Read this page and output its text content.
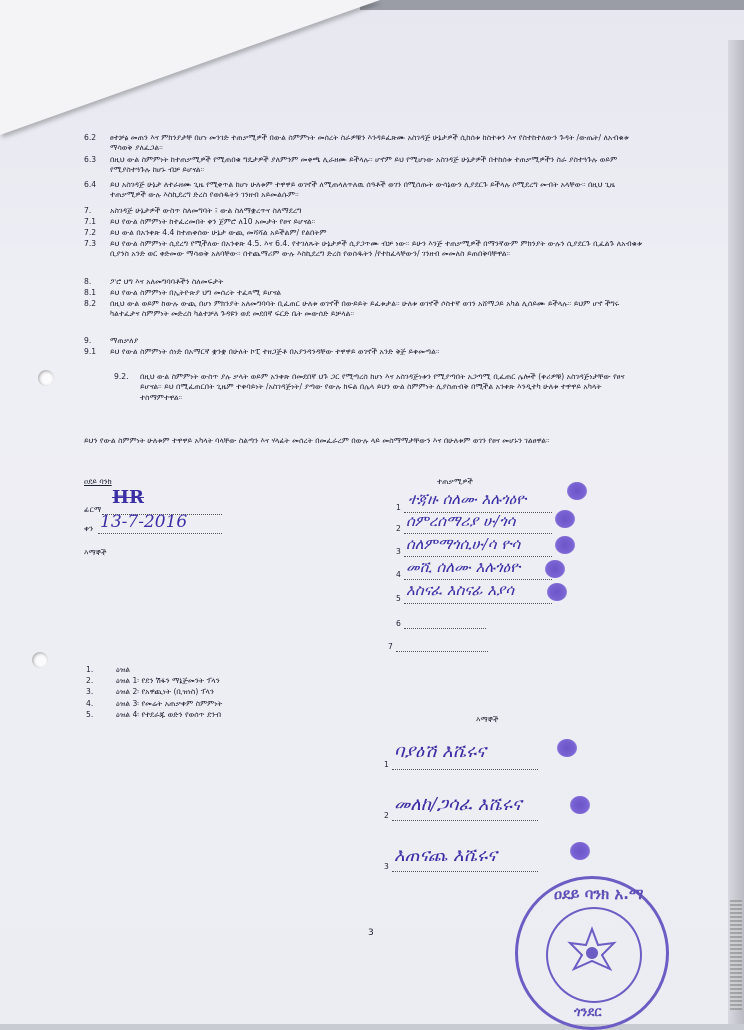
6.2	ፀተቻፅ መጠን እና ምክንያታቸ በሆነ መንገድ ተጠቃሚዎች በውል ስምምነት መሰረት ስራዎቹን እንዳይፈጽሙ አስገዳጅ ሁኔታዎች ሲከሰቱ ከስተቱን እና የስተከተለውን ጉዳት /ውጤት/ ለአብቁቱ ማሳወቅ ያለፈጋል።
6.3	በዚህ ውል ስምምነት ከተጠቃሚዎች የሚጠበቁ ግዴታዎች ያለምንም መቀጫ ሊራዘሙ ይችላሉ። ሆኖም ይህ የሚሆነው አስገዳጅ ሁኔታዎች በተከሰቱ ተጠቃሚዎችን ስራ ያስተጓጉሉ ወይም የሚያስተጓጉሉ ከሆኑ ብቻ ይሆናል።
6.4	ይህ አስገዳጅ ሁኔታ ለተራዘሙ ጊዜ የሚቀጥል ከሆነ ሁለቱም ተዋዋይ ወገኖች ለሚጠላለጥለዉ ሰዓቶች ወገን በሚሰጡት ውሳኔውን ሊያደርጉ ይችላሉ ሶሚደረግ መብት አላቸው። በዚህ ጊዜ ተጠቃሚዎች ውሉ እስኪደረግ ድረስ የወሰዱትን ገንዘብ አይመልሱም።
7.	አስገዳጅ ሁኔታዎች ውስጥ ስለመግባት ፣ ውል ስለማቋረጥና ስለማደረግ
7.1	ይህ የውል ስምምነት ከተፈረመበት ቀን ጀምሮ ለ10 አመታት የፀና ይሆናል።
7.2	ይህ ውል በአንቀጽ 4.4 ከተጠቀሰው ሁኔታ ውጪ መሻሻል አይችልም/ የልበትም
7.3	ይህ የውል ስምምነት ሲደረግ የሚችለው በአንቀጽ 4.5. እና 6.4. የተገለጹት ሁኔታዎች ሲያጋጥሙ ብቻ ነው። ይሁን እንጅ ተጠቃሚዎች በማንኛውም ምክንያት ውሉን ሲያደርጉ ቢፈልጉ ለአብቁቱ ቢያንስ አንድ ወር ቀድመው ማሳወቅ አለባቸው። በተጨማሪም ውሉ እስኪደረግ ድረስ የወሰዱትን /የተከፈላቸውን/ ገንዘብ መመለስ ይጠበቅባቸዋል።
8.	ፖሮ ህግ እና አለመግባባቶችን ስለመፍታት
8.1	ይህ የውል ስምምነት በኢትዮጵያ ህግ መሰረት ተፈጻሚ ይሆናል
8.2	በዚህ ውል ወይም ከውሉ ውጪ በሆነ ምክንያት አለመግባባት ቢፈጠር ሁለቱ ወገኖች በውይይት ይፈቱታል። ሁለቱ ወገኖች ሶስተኛ ወገን አሸማጋይ አካል ሊሰይሙ ይችላሉ። ይህም ሆኖ ችግሩ ካልተፈታና ስምምነት መድረስ ካልተቻለ ጉዳዩን ወደ መደበኛ ፍርድ ቤት መውሰድ ይቻላል።
9.	ማጠቃለያ
9.1	ይህ የውል ስምምነት ሰነድ በአማርኛ ቋንቋ በሁለት ኮፒ ተዘጋጅቶ በአያንዳንዳቸው ተዋዋይ ወገኖች አንድ ቅጅ ይቀመጣል።
9.2.	በዚህ ውል ስምምነት ውስጥ ያሉ ቃላት ወይም አንቀጽ በመደበኛ ህጉ ጋር የሚጣረስ ከሆነ እና አስገዳጅነቱን የሚያጣበት አጋጣሚ ቢፈጠር ሌሎች (ቀሪዎቹ) አስገዳጅነታቸው የፀና ይሆናል። ይህ በሚፈጠርበት ጊዜም ተቀባይነት /አስገዳጅነት/ ያጣው የውሉ ክፍል በሌላ ይህን ውል ስምምነት ሊያስጠብቅ በሚችል አንቀጽ እንዲተካ ሁለቱ ተዋዋይ አካላት ተስማምተዋል።
ይህን የውል ስምምነት ሁለቱም ተዋዋይ አካላት ባላቸው ስልጣን እና ሃላፊት መሰረት በመፈራረም በውሉ ላይ መስማማታቸውን እና በሁለቱም ወገን የፀና መሆኑን ገልፀዋል።
ዐደይ ባንክ
ፊርማ
HR
ቀን 13-7-2016
እማኞች
ተጠቃሚዎች
1 ተጃዙ ሰለሙ እሉጎዕዮ
2 ሰምረሰማሪያ ሁ/ጎሳ
3 ሰለምማጎሲሁ/ሳ ዮሳ
4 መሺ ሰለሙ እሉጎዕዮ
5 እስናፈ እስናፊ እያሳ
6
7
1.	ዕዝል
2.	ዕዝል 1፡ የደን ሽፋን ማኔጅመንት ፕላን
3.	ዕዝል 2፡ የአዋጪነት (ቢዝነስ) ፕላን
4.	ዕዝል 3፡ የመሬት አጠቃቀም ስምምነት
5.	ዕዝል 4፡ የተደራጁ ወድን የወሰጥ ደንብ
እማኞች
1
ባያዕሽ እሼሩና
2
መለከ/ጋሳፈ እሼሩና
3
እጠናጨ እሼሩና
3
ዐደይ ባንክ አ.ማ
ጎንደር
